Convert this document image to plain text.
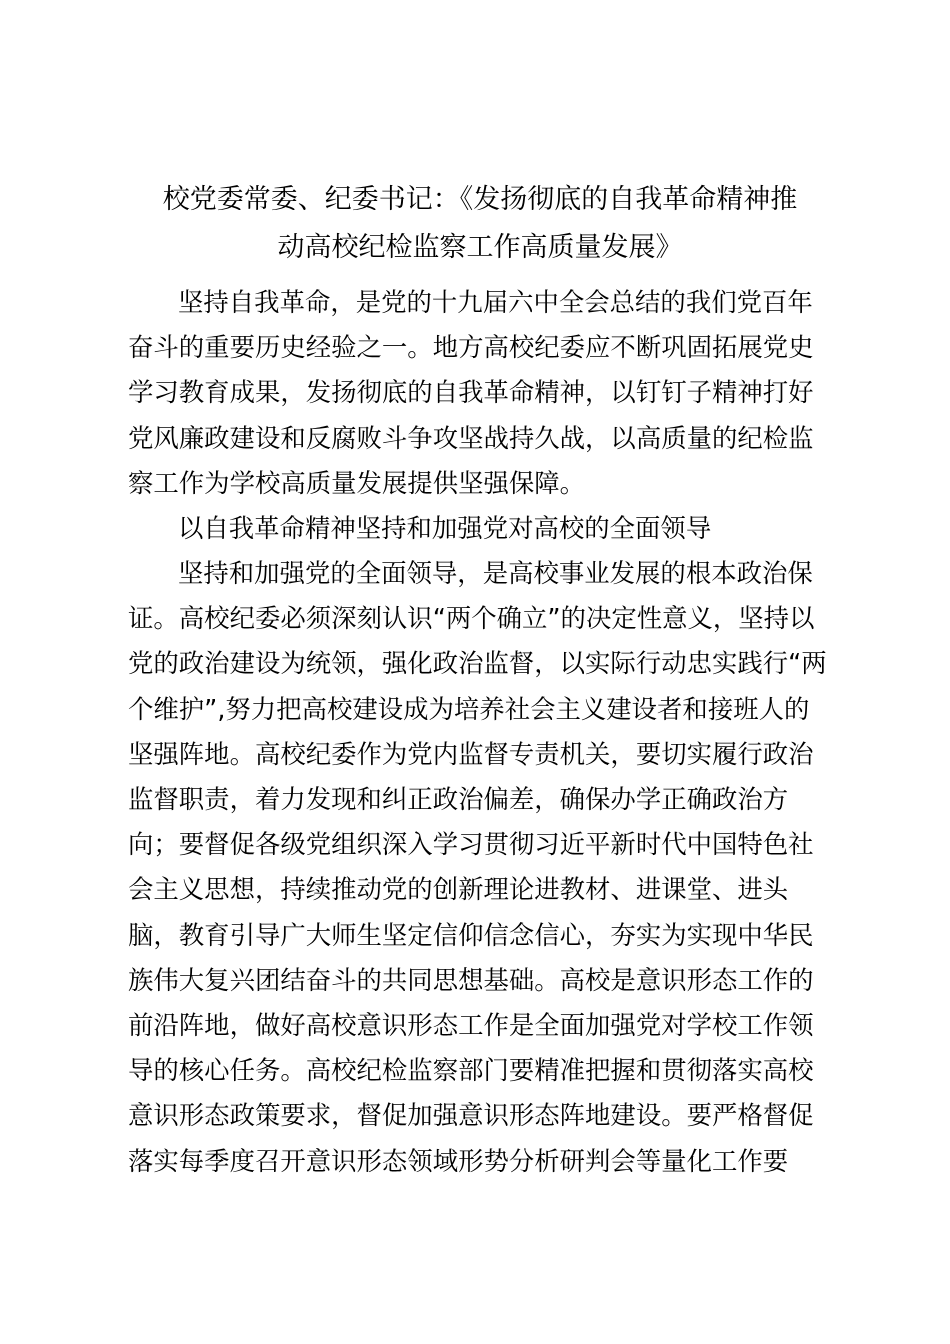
校党委常委、纪委书记：《发扬彻底的自我革命精神推
动高校纪检监察工作高质量发展》
坚持自我革命，是党的十九届六中全会总结的我们党百年
奋斗的重要历史经验之一。地方高校纪委应不断巩固拓展党史
学习教育成果，发扬彻底的自我革命精神，以钉钉子精神打好
党风廉政建设和反腐败斗争攻坚战持久战，以高质量的纪检监
察工作为学校高质量发展提供坚强保障。
以自我革命精神坚持和加强党对高校的全面领导
坚持和加强党的全面领导，是高校事业发展的根本政治保
证。高校纪委必须深刻认识“两个确立”的决定性意义，坚持以
党的政治建设为统领，强化政治监督，以实际行动忠实践行“两
个维护”,努力把高校建设成为培养社会主义建设者和接班人的
坚强阵地。高校纪委作为党内监督专责机关，要切实履行政治
监督职责，着力发现和纠正政治偏差，确保办学正确政治方
向；要督促各级党组织深入学习贯彻习近平新时代中国特色社
会主义思想，持续推动党的创新理论进教材、进课堂、进头
脑，教育引导广大师生坚定信仰信念信心，夯实为实现中华民
族伟大复兴团结奋斗的共同思想基础。高校是意识形态工作的
前沿阵地，做好高校意识形态工作是全面加强党对学校工作领
导的核心任务。高校纪检监察部门要精准把握和贯彻落实高校
意识形态政策要求，督促加强意识形态阵地建设。要严格督促
落实每季度召开意识形态领域形势分析研判会等量化工作要
